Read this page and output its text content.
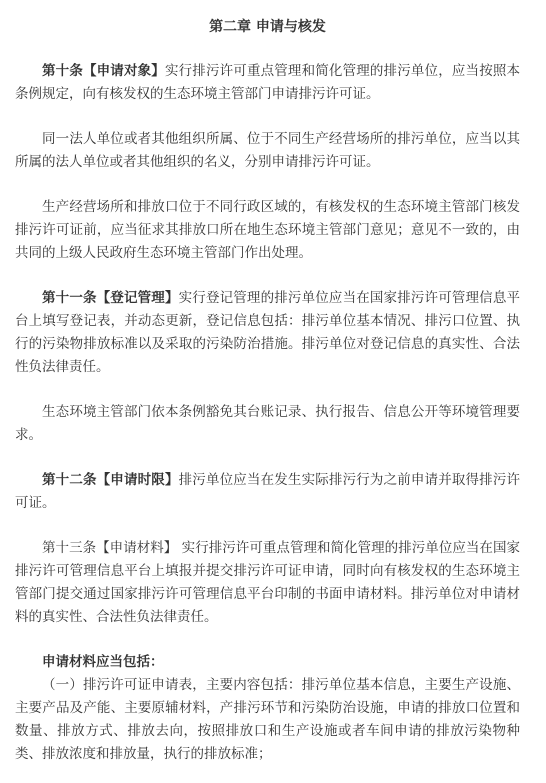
第二章 申请与核发

第十条【申请对象】实行排污许可重点管理和简化管理的排污单位，应当按照本条例规定，向有核发权的生态环境主管部门申请排污许可证。

同一法人单位或者其他组织所属、位于不同生产经营场所的排污单位，应当以其所属的法人单位或者其他组织的名义，分别申请排污许可证。

生产经营场所和排放口位于不同行政区域的，有核发权的生态环境主管部门核发排污许可证前，应当征求其排放口所在地生态环境主管部门意见；意见不一致的，由共同的上级人民政府生态环境主管部门作出处理。

第十一条【登记管理】实行登记管理的排污单位应当在国家排污许可管理信息平台上填写登记表，并动态更新，登记信息包括：排污单位基本情况、排污口位置、执行的污染物排放标准以及采取的污染防治措施。排污单位对登记信息的真实性、合法性负法律责任。

生态环境主管部门依本条例豁免其台账记录、执行报告、信息公开等环境管理要求。

第十二条【申请时限】排污单位应当在发生实际排污行为之前申请并取得排污许可证。

第十三条【申请材料】 实行排污许可重点管理和简化管理的排污单位应当在国家排污许可管理信息平台上填报并提交排污许可证申请，同时向有核发权的生态环境主管部门提交通过国家排污许可管理信息平台印制的书面申请材料。排污单位对申请材料的真实性、合法性负法律责任。

申请材料应当包括：

（一）排污许可证申请表，主要内容包括：排污单位基本信息，主要生产设施、主要产品及产能、主要原辅材料，产排污环节和污染防治设施，申请的排放口位置和数量、排放方式、排放去向，按照排放口和生产设施或者车间申请的排放污染物种类、排放浓度和排放量，执行的排放标准；
